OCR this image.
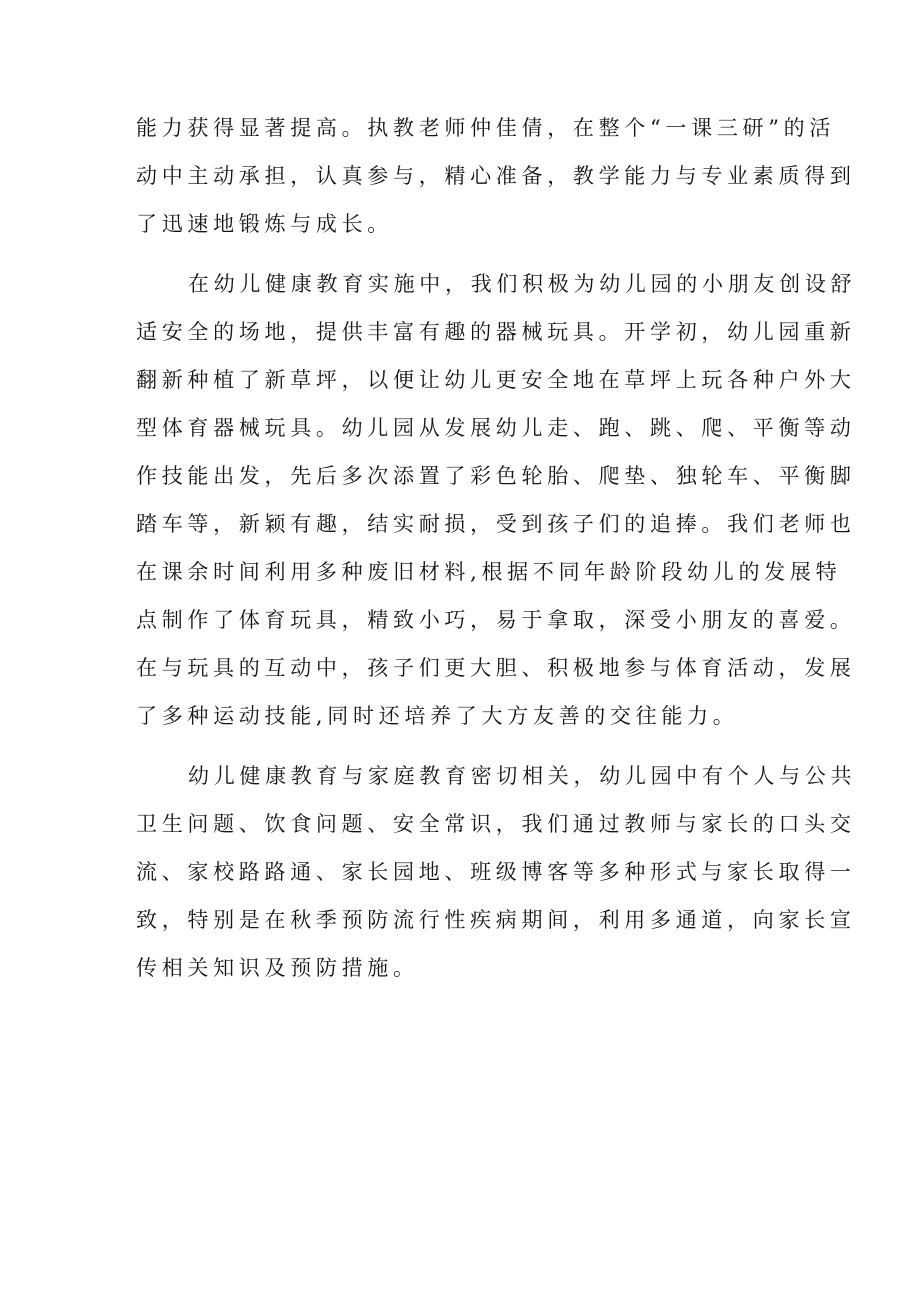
能力获得显著提高。执教老师仲佳倩，在整个“一课三研”的活
动中主动承担，认真参与，精心准备，教学能力与专业素质得到
了迅速地锻炼与成长。
在幼儿健康教育实施中，我们积极为幼儿园的小朋友创设舒
适安全的场地，提供丰富有趣的器械玩具。开学初，幼儿园重新
翻新种植了新草坪，以便让幼儿更安全地在草坪上玩各种户外大
型体育器械玩具。幼儿园从发展幼儿走、跑、跳、爬、平衡等动
作技能出发，先后多次添置了彩色轮胎、爬垫、独轮车、平衡脚
踏车等，新颖有趣，结实耐损，受到孩子们的追捧。我们老师也
在课余时间利用多种废旧材料,根据不同年龄阶段幼儿的发展特
点制作了体育玩具，精致小巧，易于拿取，深受小朋友的喜爱。
在与玩具的互动中，孩子们更大胆、积极地参与体育活动，发展
了多种运动技能,同时还培养了大方友善的交往能力。
幼儿健康教育与家庭教育密切相关，幼儿园中有个人与公共
卫生问题、饮食问题、安全常识，我们通过教师与家长的口头交
流、家校路路通、家长园地、班级博客等多种形式与家长取得一
致，特别是在秋季预防流行性疾病期间，利用多通道，向家长宣
传相关知识及预防措施。
